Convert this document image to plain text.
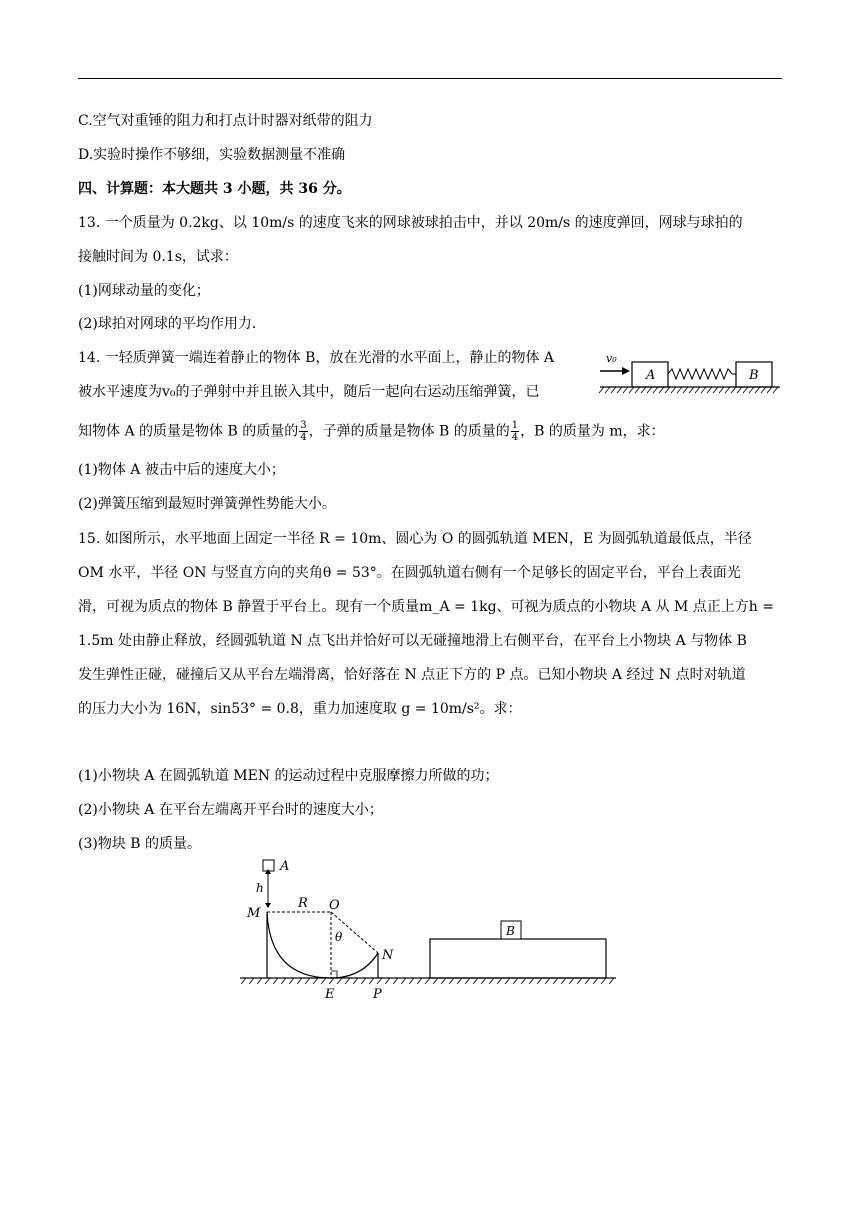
C.空气对重锤的阻力和打点计时器对纸带的阻力
D.实验时操作不够细，实验数据测量不准确
四、计算题：本大题共 3 小题，共 36 分。
13. 一个质量为 0.2kg、以 10m/s 的速度飞来的网球被球拍击中，并以 20m/s 的速度弹回，网球与球拍的
接触时间为 0.1s，试求：
(1)网球动量的变化；
(2)球拍对网球的平均作用力．
14. 一轻质弹簧一端连着静止的物体 B，放在光滑的水平面上，静止的物体 A
被水平速度为v₀的子弹射中并且嵌入其中，随后一起向右运动压缩弹簧，已
知物体 A 的质量是物体 B 的质量的 $\frac{3}{4}$ ，子弹的质量是物体 B 的质量的 $\frac{1}{4}$ ，B 的质量为 m，求：
(1)物体 A 被击中后的速度大小；
(2)弹簧压缩到最短时弹簧弹性势能大小。
v₀
A	B
15. 如图所示，水平地面上固定一半径 R = 10m、圆心为 O 的圆弧轨道 MEN，E 为圆弧轨道最低点，半径
OM 水平，半径 ON 与竖直方向的夹角θ = 53°。在圆弧轨道右侧有一个足够长的固定平台，平台上表面光
滑，可视为质点的物体 B 静置于平台上。现有一个质量m_A = 1kg、可视为质点的小物块 A 从 M 点正上方h =
1.5m 处由静止释放，经圆弧轨道 N 点飞出并恰好可以无碰撞地滑上右侧平台，在平台上小物块 A 与物体 B
发生弹性正碰，碰撞后又从平台左端滑离，恰好落在 N 点正下方的 P 点。已知小物块 A 经过 N 点时对轨道
的压力大小为 16N，sin53° = 0.8，重力加速度取 g = 10m/s²。求：
(1)小物块 A 在圆弧轨道 MEN 的运动过程中克服摩擦力所做的功；
(2)小物块 A 在平台左端离开平台时的速度大小；
(3)物块 B 的质量。
A
h
M
R O
θ
N
B
E	P
